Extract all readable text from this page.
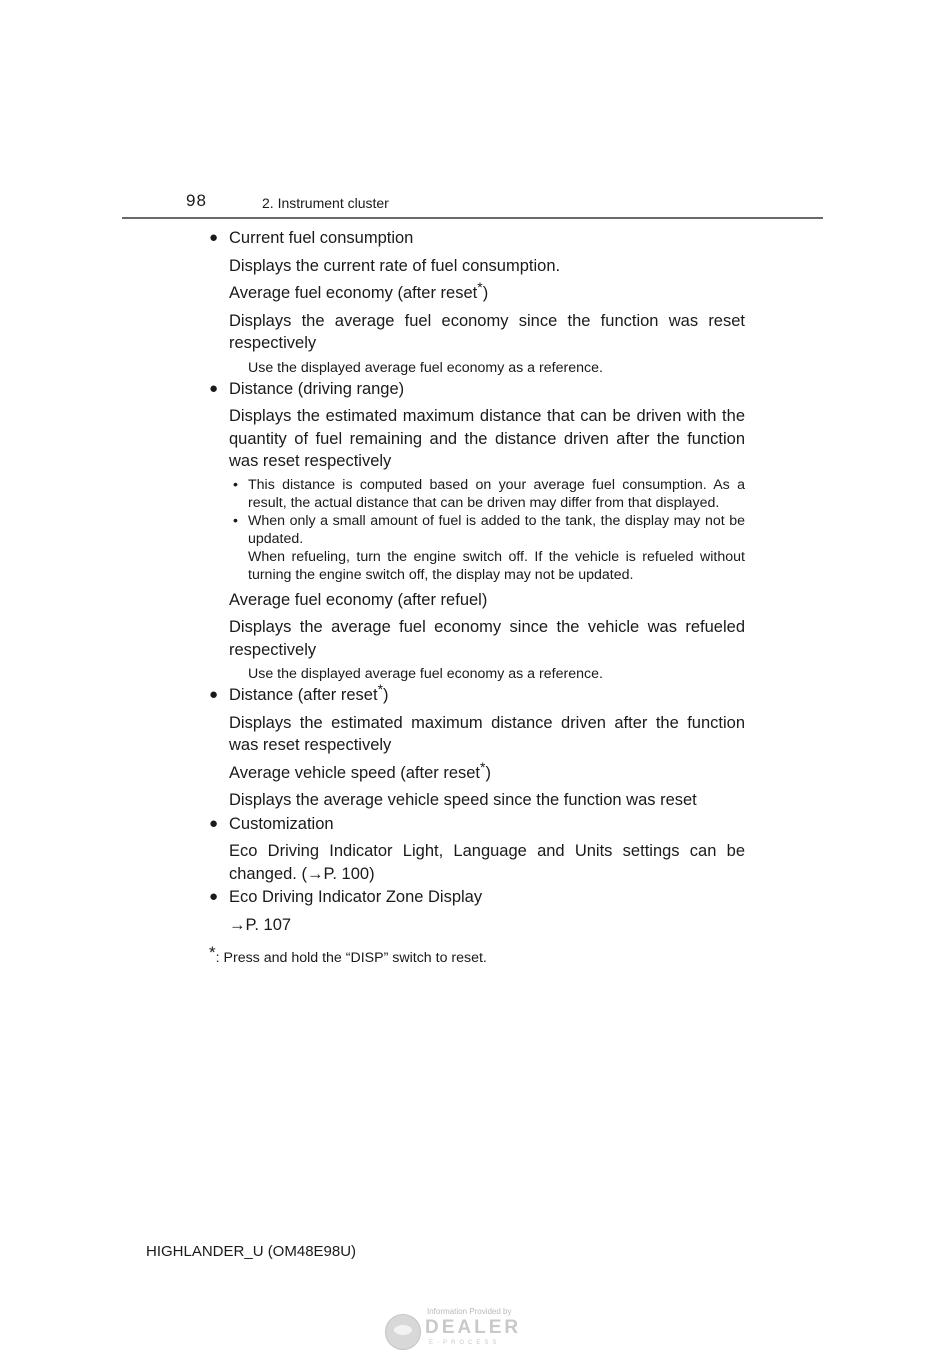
98	2. Instrument cluster
● Current fuel consumption
Displays the current rate of fuel consumption.
Average fuel economy (after reset*)
Displays the average fuel economy since the function was reset respectively
Use the displayed average fuel economy as a reference.
● Distance (driving range)
Displays the estimated maximum distance that can be driven with the quantity of fuel remaining and the distance driven after the function was reset respectively
• This distance is computed based on your average fuel consumption. As a result, the actual distance that can be driven may differ from that displayed.
• When only a small amount of fuel is added to the tank, the display may not be updated.
When refueling, turn the engine switch off. If the vehicle is refueled without turning the engine switch off, the display may not be updated.
Average fuel economy (after refuel)
Displays the average fuel economy since the vehicle was refueled respectively
Use the displayed average fuel economy as a reference.
● Distance (after reset*)
Displays the estimated maximum distance driven after the function was reset respectively
Average vehicle speed (after reset*)
Displays the average vehicle speed since the function was reset
● Customization
Eco Driving Indicator Light, Language and Units settings can be changed. (→P. 100)
● Eco Driving Indicator Zone Display
→P. 107
*: Press and hold the “DISP” switch to reset.
HIGHLANDER_U (OM48E98U)
Information Provided by
DEALER
E-PROCESS
